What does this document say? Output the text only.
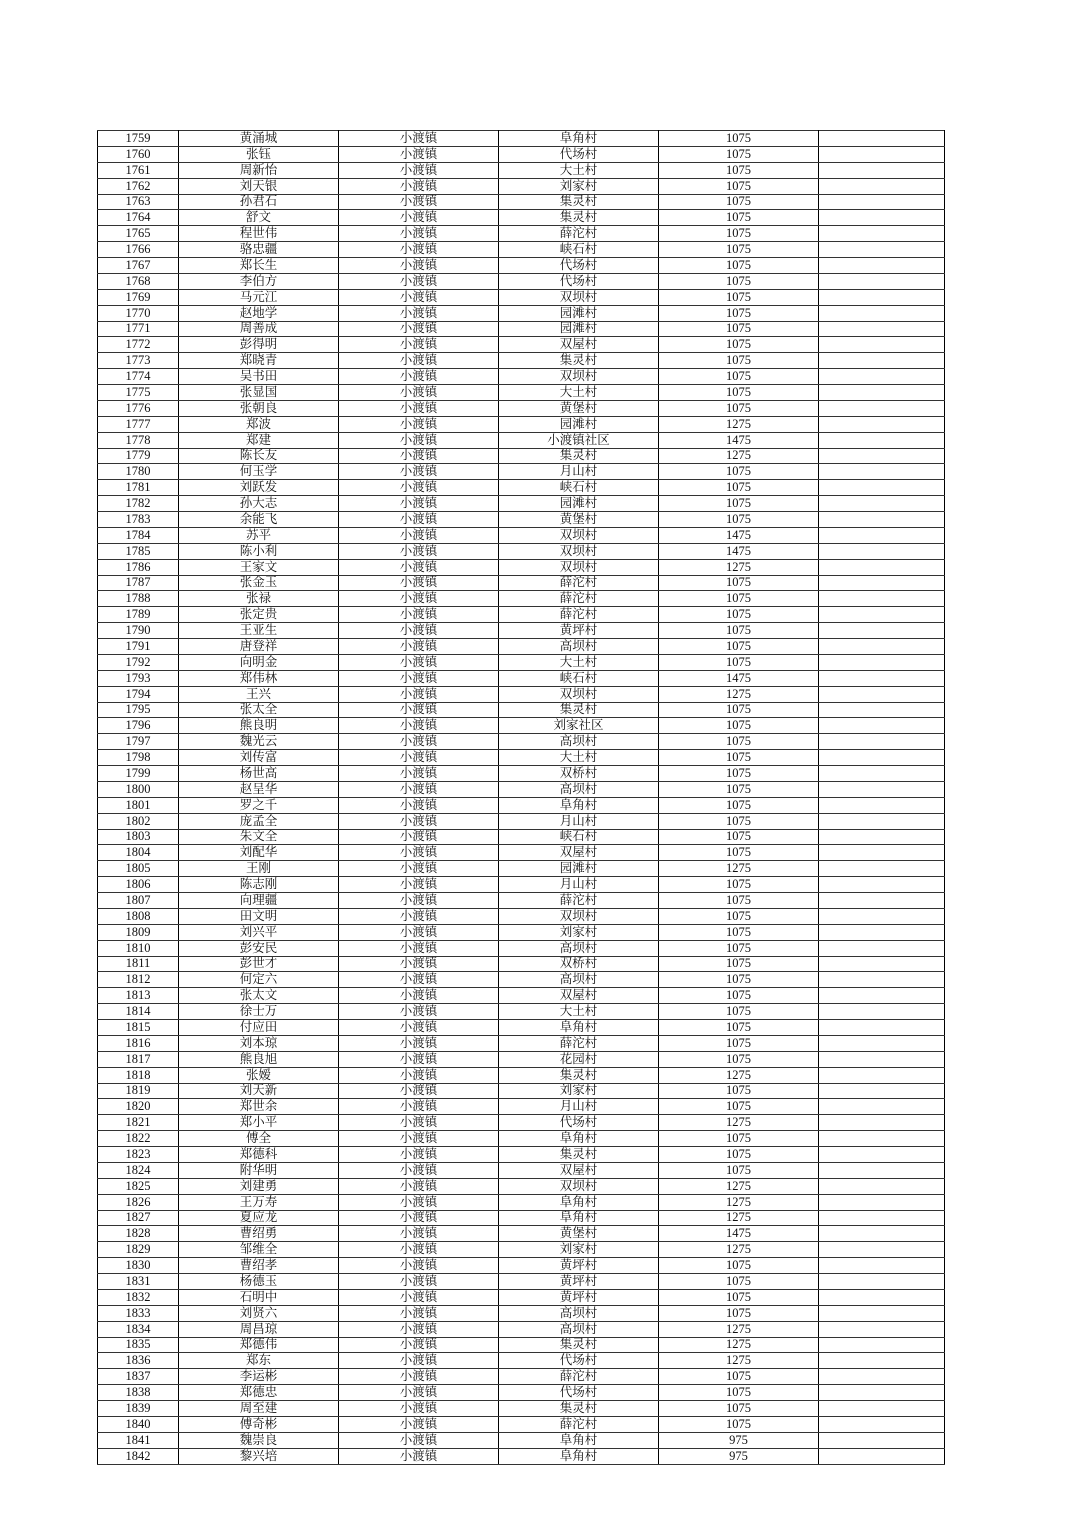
1759	黄涌城	小渡镇	阜角村	1075	
1760	张钰	小渡镇	代场村	1075	
1761	周新怡	小渡镇	大土村	1075	
1762	刘天银	小渡镇	刘家村	1075	
1763	孙君石	小渡镇	集灵村	1075	
1764	舒文	小渡镇	集灵村	1075	
1765	程世伟	小渡镇	薛沱村	1075	
1766	骆忠疆	小渡镇	峡石村	1075	
1767	郑长生	小渡镇	代场村	1075	
1768	李伯方	小渡镇	代场村	1075	
1769	马元江	小渡镇	双坝村	1075	
1770	赵地学	小渡镇	园滩村	1075	
1771	周善成	小渡镇	园滩村	1075	
1772	彭得明	小渡镇	双屋村	1075	
1773	郑晓青	小渡镇	集灵村	1075	
1774	吴书田	小渡镇	双坝村	1075	
1775	张显国	小渡镇	大土村	1075	
1776	张朝良	小渡镇	黄堡村	1075	
1777	郑波	小渡镇	园滩村	1275	
1778	郑建	小渡镇	小渡镇社区	1475	
1779	陈长友	小渡镇	集灵村	1275	
1780	何玉学	小渡镇	月山村	1075	
1781	刘跃发	小渡镇	峡石村	1075	
1782	孙大志	小渡镇	园滩村	1075	
1783	余能飞	小渡镇	黄堡村	1075	
1784	苏平	小渡镇	双坝村	1475	
1785	陈小利	小渡镇	双坝村	1475	
1786	王家文	小渡镇	双坝村	1275	
1787	张金玉	小渡镇	薛沱村	1075	
1788	张禄	小渡镇	薛沱村	1075	
1789	张定贵	小渡镇	薛沱村	1075	
1790	王亚生	小渡镇	黄坪村	1075	
1791	唐登祥	小渡镇	高坝村	1075	
1792	向明金	小渡镇	大土村	1075	
1793	郑伟林	小渡镇	峡石村	1475	
1794	王兴	小渡镇	双坝村	1275	
1795	张太全	小渡镇	集灵村	1075	
1796	熊良明	小渡镇	刘家社区	1075	
1797	魏光云	小渡镇	高坝村	1075	
1798	刘传富	小渡镇	大土村	1075	
1799	杨世高	小渡镇	双桥村	1075	
1800	赵呈华	小渡镇	高坝村	1075	
1801	罗之千	小渡镇	阜角村	1075	
1802	庞孟全	小渡镇	月山村	1075	
1803	朱文全	小渡镇	峡石村	1075	
1804	刘配华	小渡镇	双屋村	1075	
1805	王刚	小渡镇	园滩村	1275	
1806	陈志刚	小渡镇	月山村	1075	
1807	向理疆	小渡镇	薛沱村	1075	
1808	田文明	小渡镇	双坝村	1075	
1809	刘兴平	小渡镇	刘家村	1075	
1810	彭安民	小渡镇	高坝村	1075	
1811	彭世才	小渡镇	双桥村	1075	
1812	何定六	小渡镇	高坝村	1075	
1813	张太文	小渡镇	双屋村	1075	
1814	徐士万	小渡镇	大土村	1075	
1815	付应田	小渡镇	阜角村	1075	
1816	刘本琼	小渡镇	薛沱村	1075	
1817	熊良旭	小渡镇	花园村	1075	
1818	张嫒	小渡镇	集灵村	1275	
1819	刘天新	小渡镇	刘家村	1075	
1820	郑世余	小渡镇	月山村	1075	
1821	郑小平	小渡镇	代场村	1275	
1822	傅全	小渡镇	阜角村	1075	
1823	郑德科	小渡镇	集灵村	1075	
1824	附华明	小渡镇	双屋村	1075	
1825	刘建勇	小渡镇	双坝村	1275	
1826	王万寿	小渡镇	阜角村	1275	
1827	夏应龙	小渡镇	阜角村	1275	
1828	曹绍勇	小渡镇	黄堡村	1475	
1829	邹维全	小渡镇	刘家村	1275	
1830	曹绍孝	小渡镇	黄坪村	1075	
1831	杨德玉	小渡镇	黄坪村	1075	
1832	石明中	小渡镇	黄坪村	1075	
1833	刘贤六	小渡镇	高坝村	1075	
1834	周昌琼	小渡镇	高坝村	1275	
1835	郑德伟	小渡镇	集灵村	1275	
1836	郑东	小渡镇	代场村	1275	
1837	李运彬	小渡镇	薛沱村	1075	
1838	郑德忠	小渡镇	代场村	1075	
1839	周至建	小渡镇	集灵村	1075	
1840	傅奇彬	小渡镇	薛沱村	1075	
1841	魏崇良	小渡镇	阜角村	975	
1842	黎兴培	小渡镇	阜角村	975	
